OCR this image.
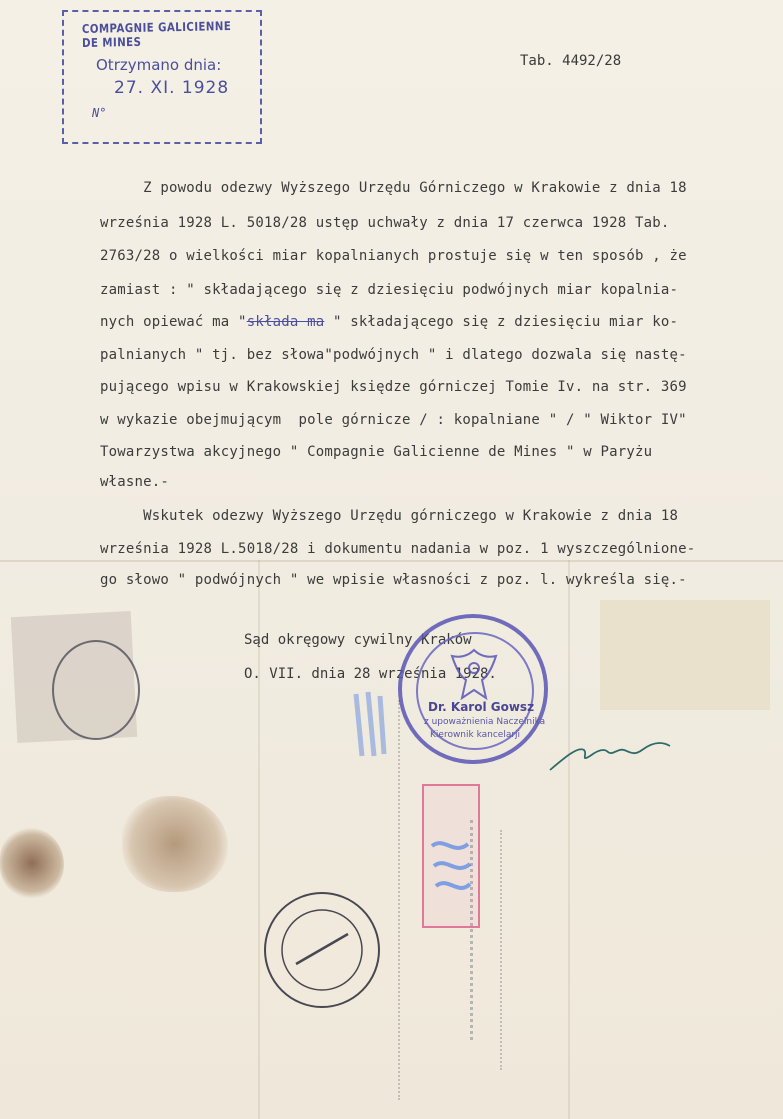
COMPAGNIE GALICIENNE DE MINES
Otrzymano dnia:
27. XI. 1928
N°
Tab. 4492/28
Z powodu odezwy Wyższego Urzędu Górniczego w Krakowie z dnia 18
września 1928 L. 5018/28 ustęp uchwały z dnia 17 czerwca 1928 Tab.
2763/28 o wielkości miar kopalnianych prostuje się w ten sposób , że
zamiast : " składającego się z dziesięciu podwójnych miar kopalnia-
nych opiewać ma "składa ma " składającego się z dziesięciu miar ko-
palnianych " tj. bez słowa"podwójnych " i dlatego dozwala się nastę-
pującego wpisu w Krakowskiej księdze górniczej Tomie Iv. na str. 369
w wykazie obejmującym  pole górnicze / : kopalniane " / " Wiktor IV"
Towarzystwa akcyjnego " Compagnie Galicienne de Mines " w Paryżu
własne.-
Wskutek odezwy Wyższego Urzędu górniczego w Krakowie z dnia 18
września 1928 L.5018/28 i dokumentu nadania w poz. 1 wyszczególnione-
go słowo " podwójnych " we wpisie własności z poz. l. wykreśla się.-
Sąd okręgowy cywilny Kraków
O. VII. dnia 28 września 1928.
Dr. Karol Gowsz
z upoważnienia Naczelnika
Kierownik kancelarji
